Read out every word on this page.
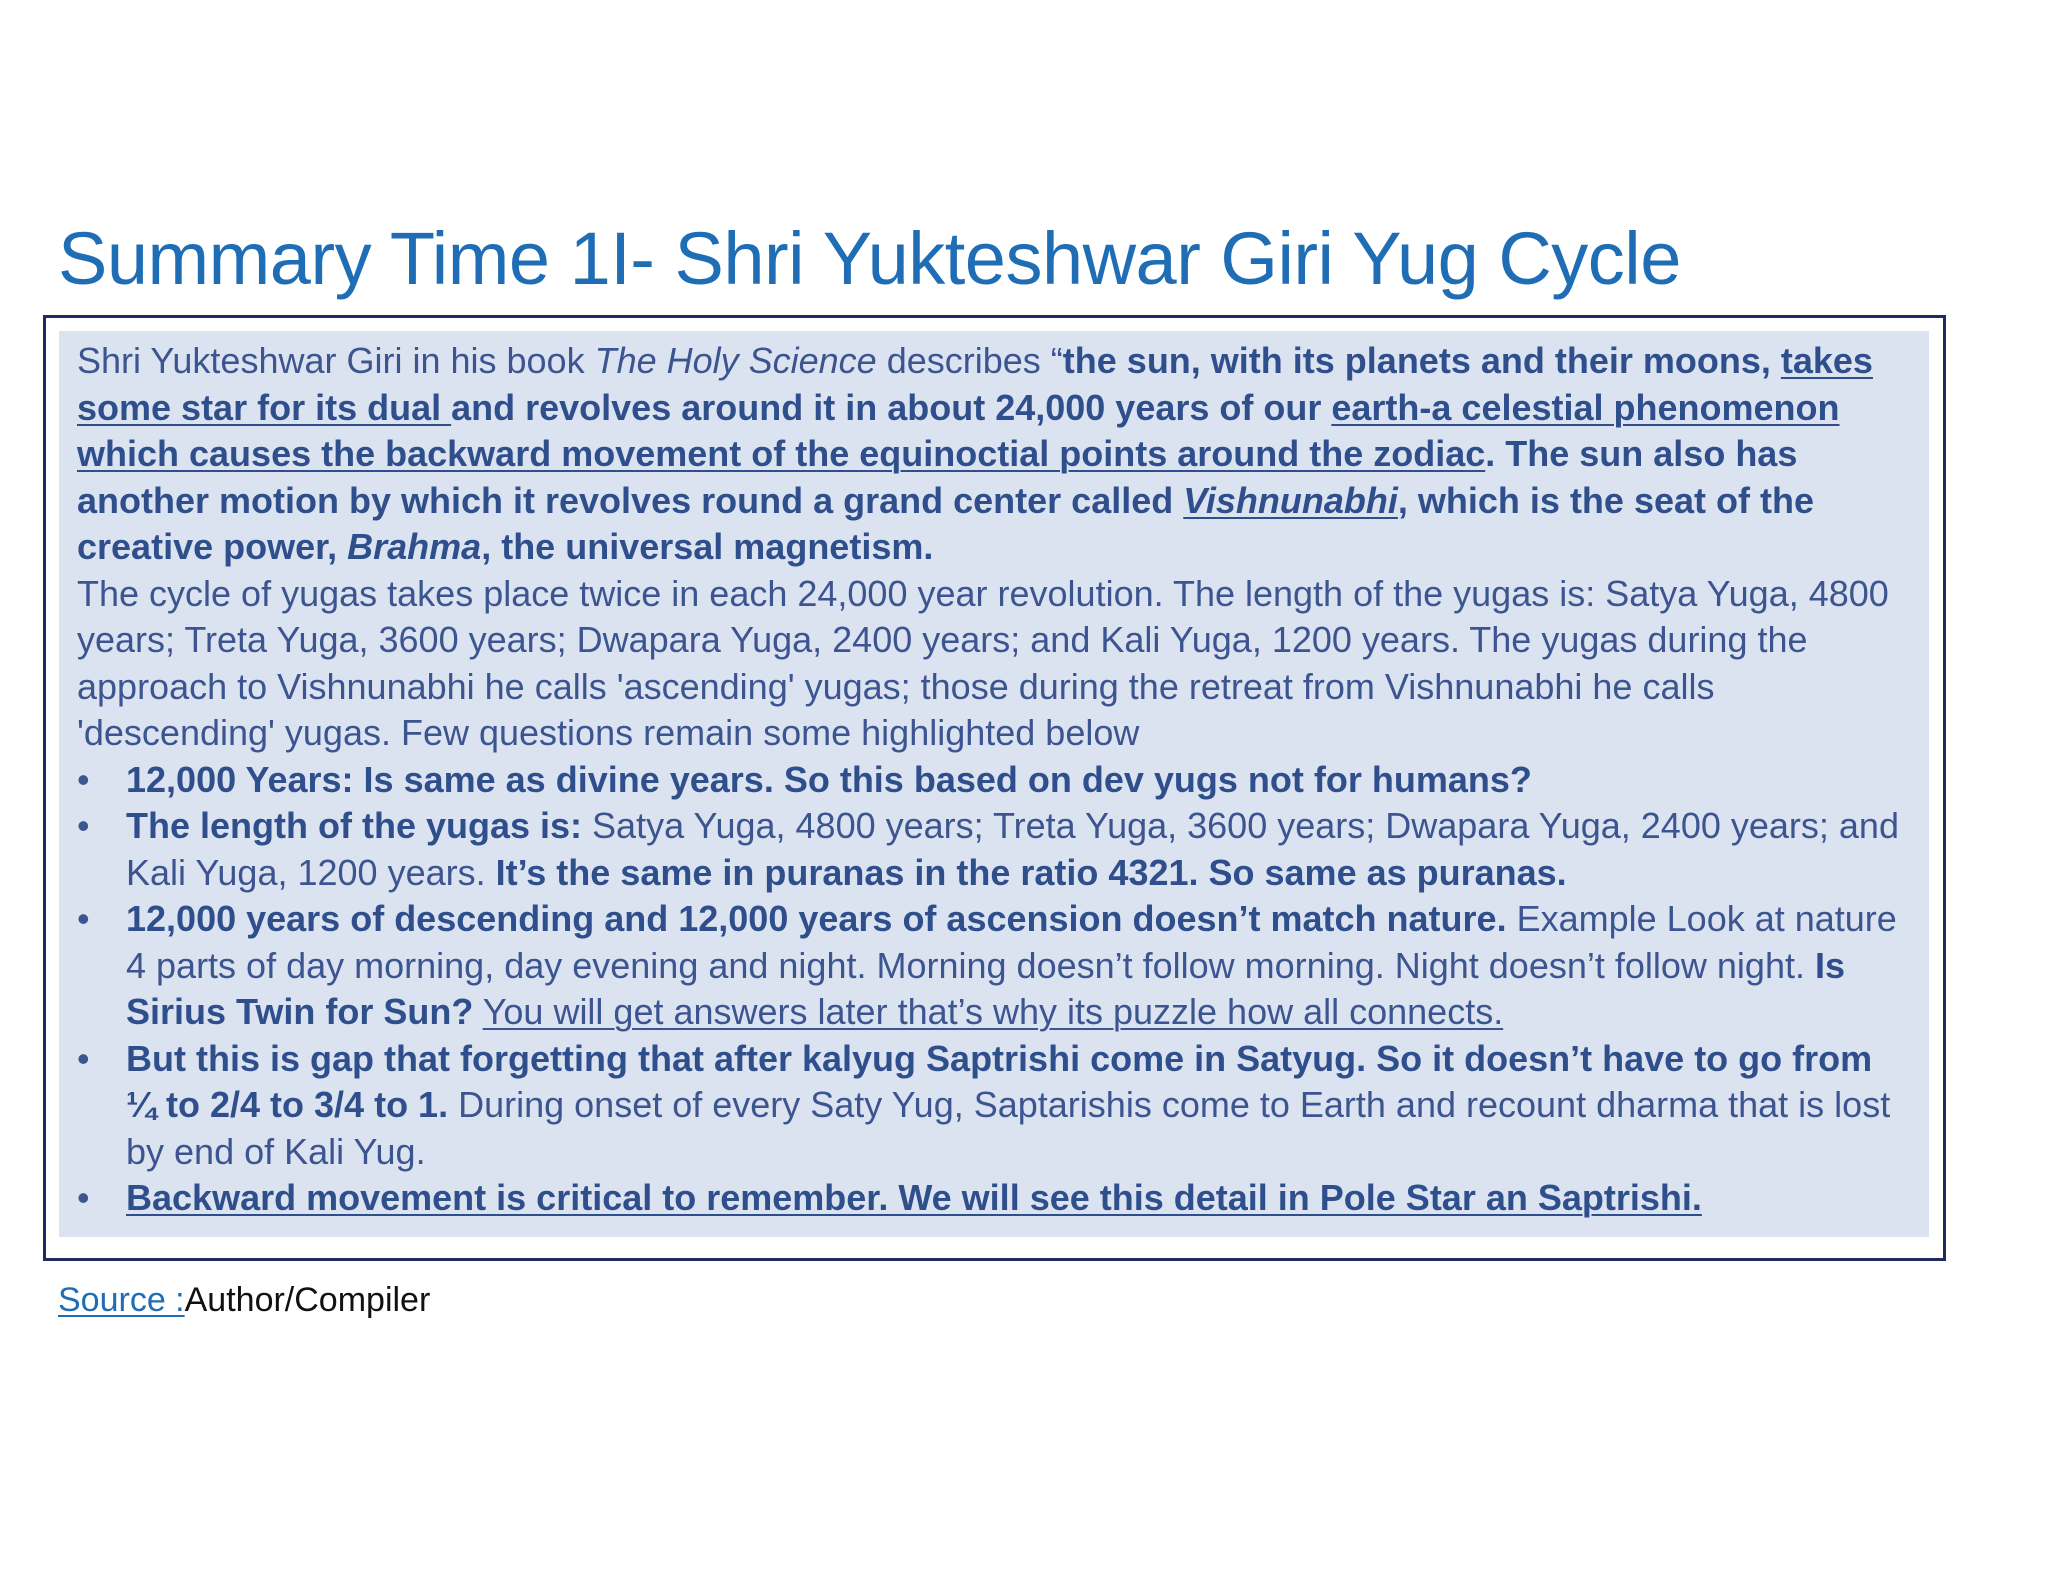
Summary Time 1I- Shri Yukteshwar Giri Yug Cycle

Shri Yukteshwar Giri in his book The Holy Science describes “the sun, with its planets and their moons, takes some star for its dual and revolves around it in about 24,000 years of our earth-a celestial phenomenon which causes the backward movement of the equinoctial points around the zodiac. The sun also has another motion by which it revolves round a grand center called Vishnunabhi, which is the seat of the creative power, Brahma, the universal magnetism.

The cycle of yugas takes place twice in each 24,000 year revolution. The length of the yugas is: Satya Yuga, 4800 years; Treta Yuga, 3600 years; Dwapara Yuga, 2400 years; and Kali Yuga, 1200 years. The yugas during the approach to Vishnunabhi he calls 'ascending' yugas; those during the retreat from Vishnunabhi he calls 'descending' yugas. Few questions remain some highlighted below

•	12,000 Years: Is same as divine years. So this based on dev yugs not for humans?
•	The length of the yugas is: Satya Yuga, 4800 years; Treta Yuga, 3600 years; Dwapara Yuga, 2400 years; and Kali Yuga, 1200 years. It’s the same in puranas in the ratio 4321. So same as puranas.
•	12,000 years of descending and 12,000 years of ascension doesn’t match nature. Example Look at nature 4 parts of day morning, day evening and night. Morning doesn’t follow morning. Night doesn’t follow night. Is Sirius Twin for Sun? You will get answers later that’s why its puzzle how all connects.
•	But this is gap that forgetting that after kalyug Saptrishi come in Satyug. So it doesn’t have to go from ¼ to 2/4 to 3/4 to 1. During onset of every Saty Yug, Saptarishis come to Earth and recount dharma that is lost by end of Kali Yug.
•	Backward movement is critical to remember. We will see this detail in Pole Star an Saptrishi.
Source :Author/Compiler
